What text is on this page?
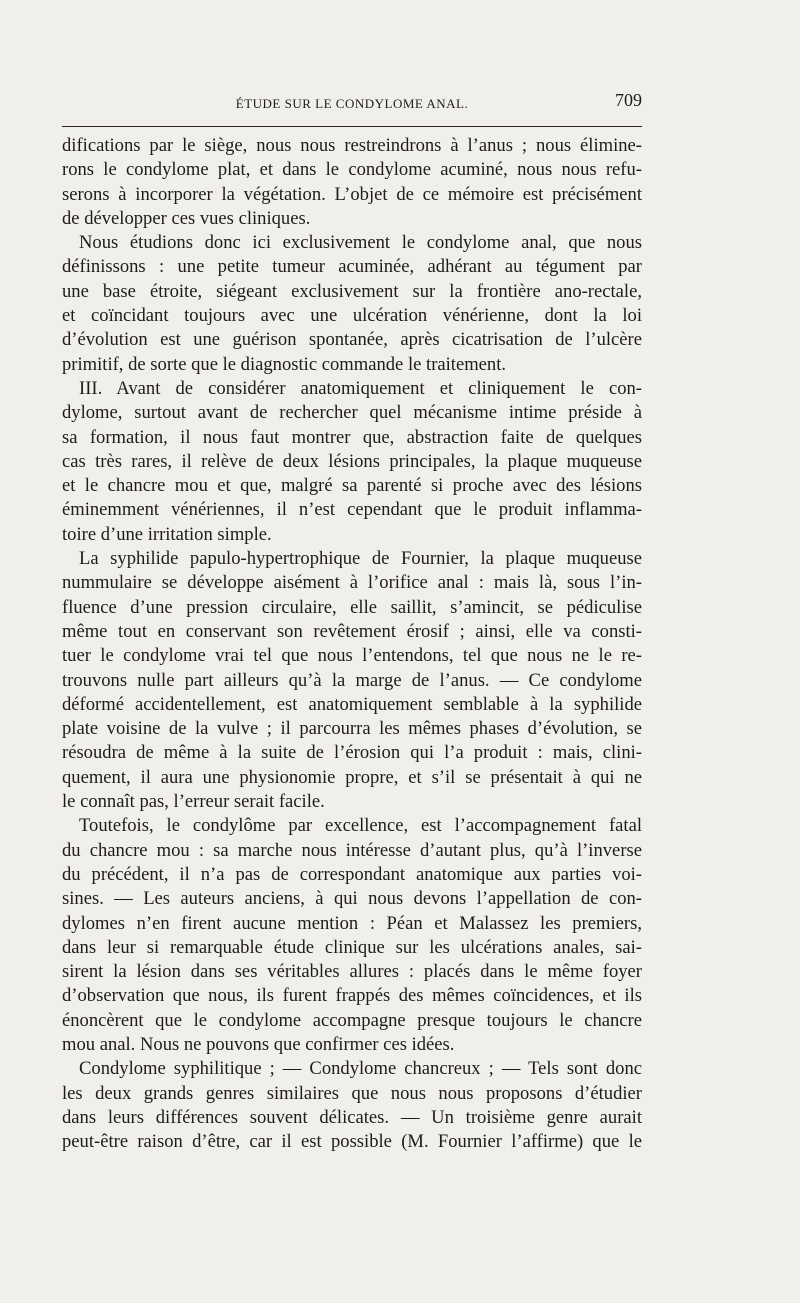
ÉTUDE SUR LE CONDYLOME ANAL.	709
difications par le siège, nous nous restreindrons à l’anus ; nous élimine-
rons le condylome plat, et dans le condylome acuminé, nous nous refu-
serons à incorporer la végétation. L’objet de ce mémoire est précisément
de développer ces vues cliniques.
Nous étudions donc ici exclusivement le condylome anal, que nous
définissons : une petite tumeur acuminée, adhérant au tégument par
une base étroite, siégeant exclusivement sur la frontière ano-rectale,
et coïncidant toujours avec une ulcération vénérienne, dont la loi
d’évolution est une guérison spontanée, après cicatrisation de l’ulcère
primitif, de sorte que le diagnostic commande le traitement.
III. Avant de considérer anatomiquement et cliniquement le con-
dylome, surtout avant de rechercher quel mécanisme intime préside à
sa formation, il nous faut montrer que, abstraction faite de quelques
cas très rares, il relève de deux lésions principales, la plaque muqueuse
et le chancre mou et que, malgré sa parenté si proche avec des lésions
éminemment vénériennes, il n’est cependant que le produit inflamma-
toire d’une irritation simple.
La syphilide papulo-hypertrophique de Fournier, la plaque muqueuse
nummulaire se développe aisément à l’orifice anal : mais là, sous l’in-
fluence d’une pression circulaire, elle saillit, s’amincit, se pédiculise
même tout en conservant son revêtement érosif ; ainsi, elle va consti-
tuer le condylome vrai tel que nous l’entendons, tel que nous ne le re-
trouvons nulle part ailleurs qu’à la marge de l’anus. — Ce condylome
déformé accidentellement, est anatomiquement semblable à la syphilide
plate voisine de la vulve ; il parcourra les mêmes phases d’évolution, se
résoudra de même à la suite de l’érosion qui l’a produit : mais, clini-
quement, il aura une physionomie propre, et s’il se présentait à qui ne
le connaît pas, l’erreur serait facile.
Toutefois, le condylôme par excellence, est l’accompagnement fatal
du chancre mou : sa marche nous intéresse d’autant plus, qu’à l’inverse
du précédent, il n’a pas de correspondant anatomique aux parties voi-
sines. — Les auteurs anciens, à qui nous devons l’appellation de con-
dylomes n’en firent aucune mention : Péan et Malassez les premiers,
dans leur si remarquable étude clinique sur les ulcérations anales, sai-
sirent la lésion dans ses véritables allures : placés dans le même foyer
d’observation que nous, ils furent frappés des mêmes coïncidences, et ils
énoncèrent que le condylome accompagne presque toujours le chancre
mou anal. Nous ne pouvons que confirmer ces idées.
Condylome syphilitique ; — Condylome chancreux ; — Tels sont donc
les deux grands genres similaires que nous nous proposons d’étudier
dans leurs différences souvent délicates. — Un troisième genre aurait
peut-être raison d’être, car il est possible (M. Fournier l’affirme) que le
